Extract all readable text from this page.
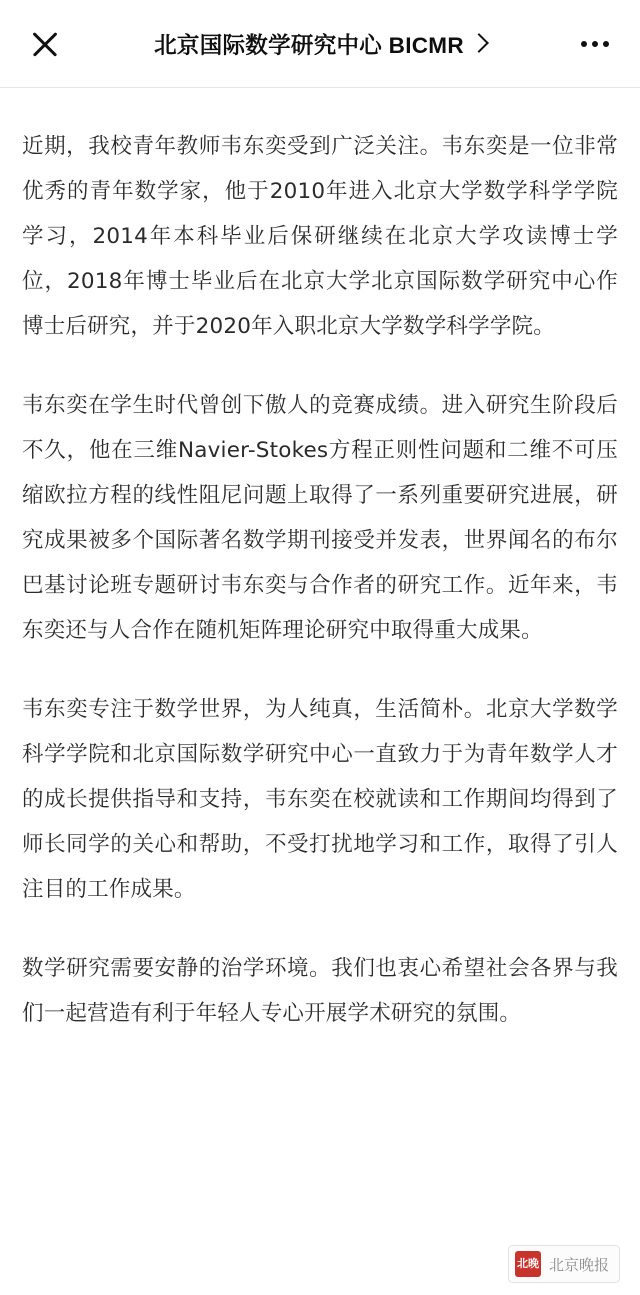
北京国际数学研究中心 BICMR

近期，我校青年教师韦东奕受到广泛关注。韦东奕是一位非常优秀的青年数学家，他于2010年进入北京大学数学科学学院学习，2014年本科毕业后保研继续在北京大学攻读博士学位，2018年博士毕业后在北京大学北京国际数学研究中心作博士后研究，并于2020年入职北京大学数学科学学院。

韦东奕在学生时代曾创下傲人的竞赛成绩。进入研究生阶段后不久，他在三维Navier-Stokes方程正则性问题和二维不可压缩欧拉方程的线性阻尼问题上取得了一系列重要研究进展，研究成果被多个国际著名数学期刊接受并发表，世界闻名的布尔巴基讨论班专题研讨韦东奕与合作者的研究工作。近年来，韦东奕还与人合作在随机矩阵理论研究中取得重大成果。

韦东奕专注于数学世界，为人纯真，生活简朴。北京大学数学科学学院和北京国际数学研究中心一直致力于为青年数学人才的成长提供指导和支持，韦东奕在校就读和工作期间均得到了师长同学的关心和帮助，不受打扰地学习和工作，取得了引人注目的工作成果。

数学研究需要安静的治学环境。我们也衷心希望社会各界与我们一起营造有利于年轻人专心开展学术研究的氛围。

北晚 北京晚报
